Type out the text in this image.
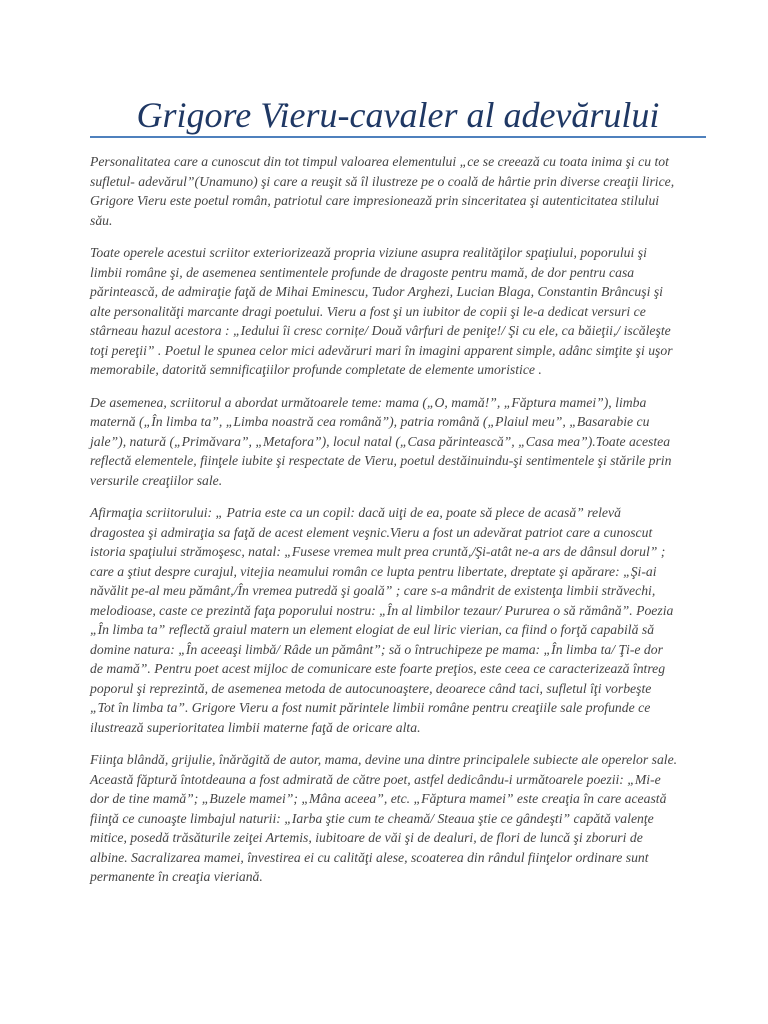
Grigore Vieru-cavaler al adevărului

Personalitatea care a cunoscut din tot timpul valoarea elementului „ce se creează cu toata inima şi cu tot sufletul- adevărul”(Unamuno) şi care a reuşit să îl ilustreze pe o coală de hârtie prin diverse creaţii lirice, Grigore Vieru este poetul român, patriotul care impresionează prin sinceritatea şi autenticitatea stilului său.

Toate operele acestui scriitor exteriorizează propria viziune asupra realităţilor spaţiului, poporului şi limbii române şi, de asemenea sentimentele profunde de dragoste pentru mamă, de dor pentru casa părintească, de admiraţie faţă de Mihai Eminescu, Tudor Arghezi, Lucian Blaga, Constantin Brâncuşi şi alte personalităţi marcante dragi poetului. Vieru a fost şi un iubitor de copii şi le-a dedicat versuri ce stârneau hazul acestora : „Iedului îi cresc cornițe/ Două vârfuri de peniţe!/ Şi cu ele, ca băieţii,/ iscăleşte toţi pereţii” . Poetul le spunea celor mici adevăruri mari în imagini apparent simple, adânc simţite şi uşor memorabile, datorită semnificaţiilor profunde completate de elemente umoristice .

De asemenea, scriitorul a abordat următoarele teme: mama („O, mamă!”, „Făptura mamei”), limba maternă („În limba ta”, „Limba noastră cea română”), patria română („Plaiul meu”, „Basarabie cu jale”), natură („Primăvara”, „Metafora”), locul natal („Casa părintească”, „Casa mea”).Toate acestea reflectă elementele, fiinţele iubite şi respectate de Vieru, poetul destăinuindu-şi sentimentele şi stările prin versurile creaţiilor sale.

Afirmaţia scriitorului: „ Patria este ca un copil: dacă uiţi de ea, poate să plece de acasă” relevă dragostea şi admiraţia sa faţă de acest element veşnic.Vieru a fost un adevărat patriot care a cunoscut istoria spaţiului strămoşesc, natal: „Fusese vremea mult prea cruntă,/Şi-atât ne-a ars de dânsul dorul” ; care a ştiut despre curajul, vitejia neamului român ce lupta pentru libertate, dreptate şi apărare: „Şi-ai năvălit pe-al meu pământ,/În vremea putredă şi goală” ; care s-a mândrit de existenţa limbii străvechi, melodioase, caste ce prezintă faţa poporului nostru: „În al limbilor tezaur/ Pururea o să rămână”. Poezia „În limba ta” reflectă graiul matern un element elogiat de eul liric vierian, ca fiind o forţă capabilă să domine natura: „În aceeaşi limbă/ Râde un pământ”; să o întruchipeze pe mama: „În limba ta/ Ţi-e dor de mamă”. Pentru poet acest mijloc de comunicare este foarte preţios, este ceea ce caracterizează întreg poporul şi reprezintă, de asemenea metoda de autocunoaştere, deoarece când taci, sufletul îţi vorbeşte „Tot în limba ta”. Grigore Vieru a fost numit părintele limbii române pentru creaţiile sale profunde ce ilustrează superioritatea limbii materne faţă de oricare alta.

Fiinţa blândă, grijulie, înărăgită de autor, mama, devine una dintre principalele subiecte ale operelor sale. Această făptură întotdeauna a fost admirată de către poet, astfel dedicându-i următoarele poezii: „Mi-e dor de tine mamă”; „Buzele mamei”; „Mâna aceea”, etc. „Făptura mamei” este creaţia în care această fiinţă ce cunoaşte limbajul naturii: „Iarba ştie cum te cheamă/ Steaua ştie ce gândeşti” capătă valenţe mitice, posedă trăsăturile zeiţei Artemis, iubitoare de văi şi de dealuri, de flori de luncă şi zboruri de albine. Sacralizarea mamei, învestirea ei cu calităţi alese, scoaterea din rândul fiinţelor ordinare sunt permanente în creaţia vieriană.
